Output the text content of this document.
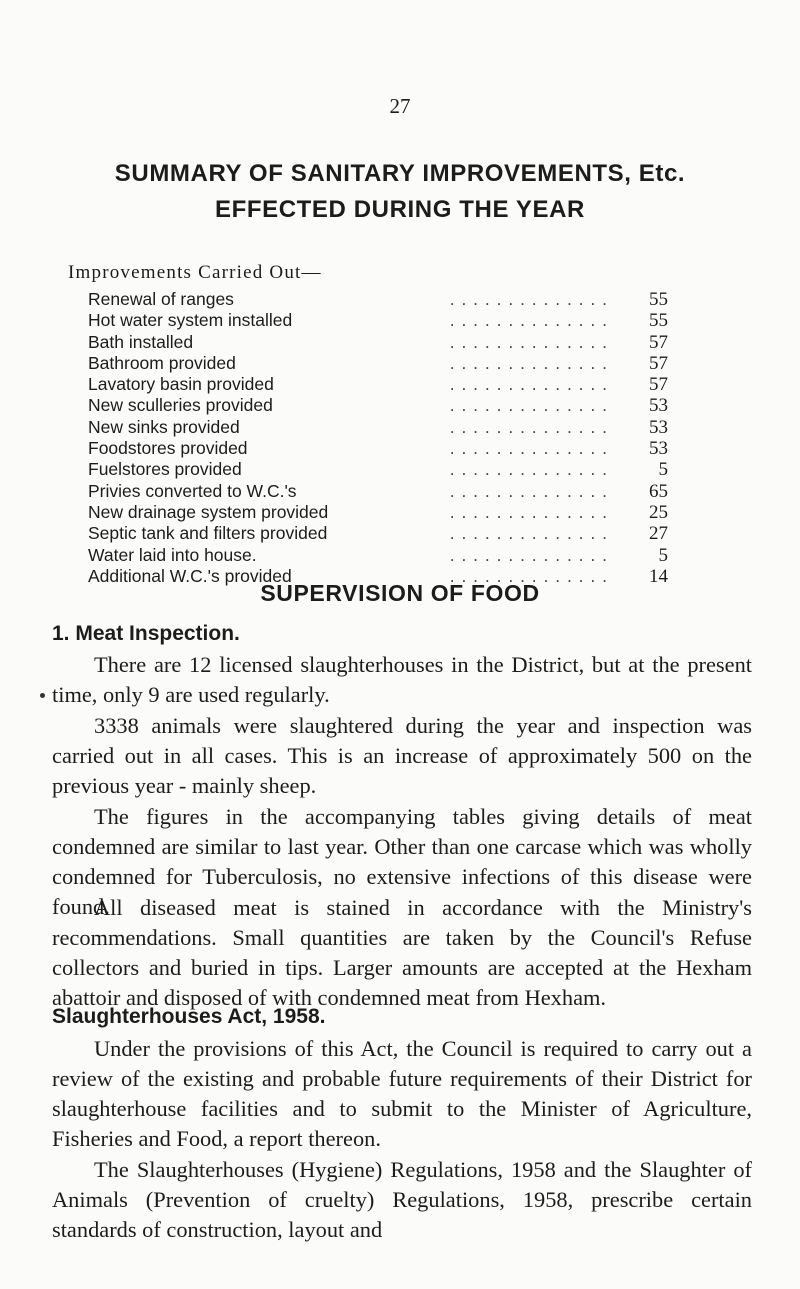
27
SUMMARY OF SANITARY IMPROVEMENTS, Etc.
EFFECTED DURING THE YEAR
Improvements Carried Out—
Renewal of ranges	. . . . . . . . . . . . . .	55
Hot water system installed	. . . . . . . . . . . . . .	55
Bath installed	. . . . . . . . . . . . . .	57
Bathroom provided	. . . . . . . . . . . . . .	57
Lavatory basin provided	. . . . . . . . . . . . . .	57
New sculleries provided	. . . . . . . . . . . . . .	53
New sinks provided	. . . . . . . . . . . . . .	53
Foodstores provided	. . . . . . . . . . . . . .	53
Fuelstores provided	. . . . . . . . . . . . . .	5
Privies converted to W.C.'s	. . . . . . . . . . . . . .	65
New drainage system provided	. . . . . . . . . . . . . .	25
Septic tank and filters provided	. . . . . . . . . . . . . .	27
Water laid into house.	. . . . . . . . . . . . . .	5
Additional W.C.'s provided	. . . . . . . . . . . . . .	14
SUPERVISION OF FOOD
1. Meat Inspection.

There are 12 licensed slaughterhouses in the District, but at the present time, only 9 are used regularly.

3338 animals were slaughtered during the year and inspection was carried out in all cases. This is an increase of approximately 500 on the previous year - mainly sheep.

The figures in the accompanying tables giving details of meat condemned are similar to last year. Other than one carcase which was wholly condemned for Tuberculosis, no extensive infections of this disease were found.

All diseased meat is stained in accordance with the Ministry's recommendations. Small quantities are taken by the Council's Refuse collectors and buried in tips. Larger amounts are accepted at the Hexham abattoir and disposed of with condemned meat from Hexham.

Slaughterhouses Act, 1958.

Under the provisions of this Act, the Council is required to carry out a review of the existing and probable future requirements of their District for slaughterhouse facilities and to submit to the Minister of Agriculture, Fisheries and Food, a report thereon.

The Slaughterhouses (Hygiene) Regulations, 1958 and the Slaughter of Animals (Prevention of cruelty) Regulations, 1958, prescribe certain standards of construction, layout and
